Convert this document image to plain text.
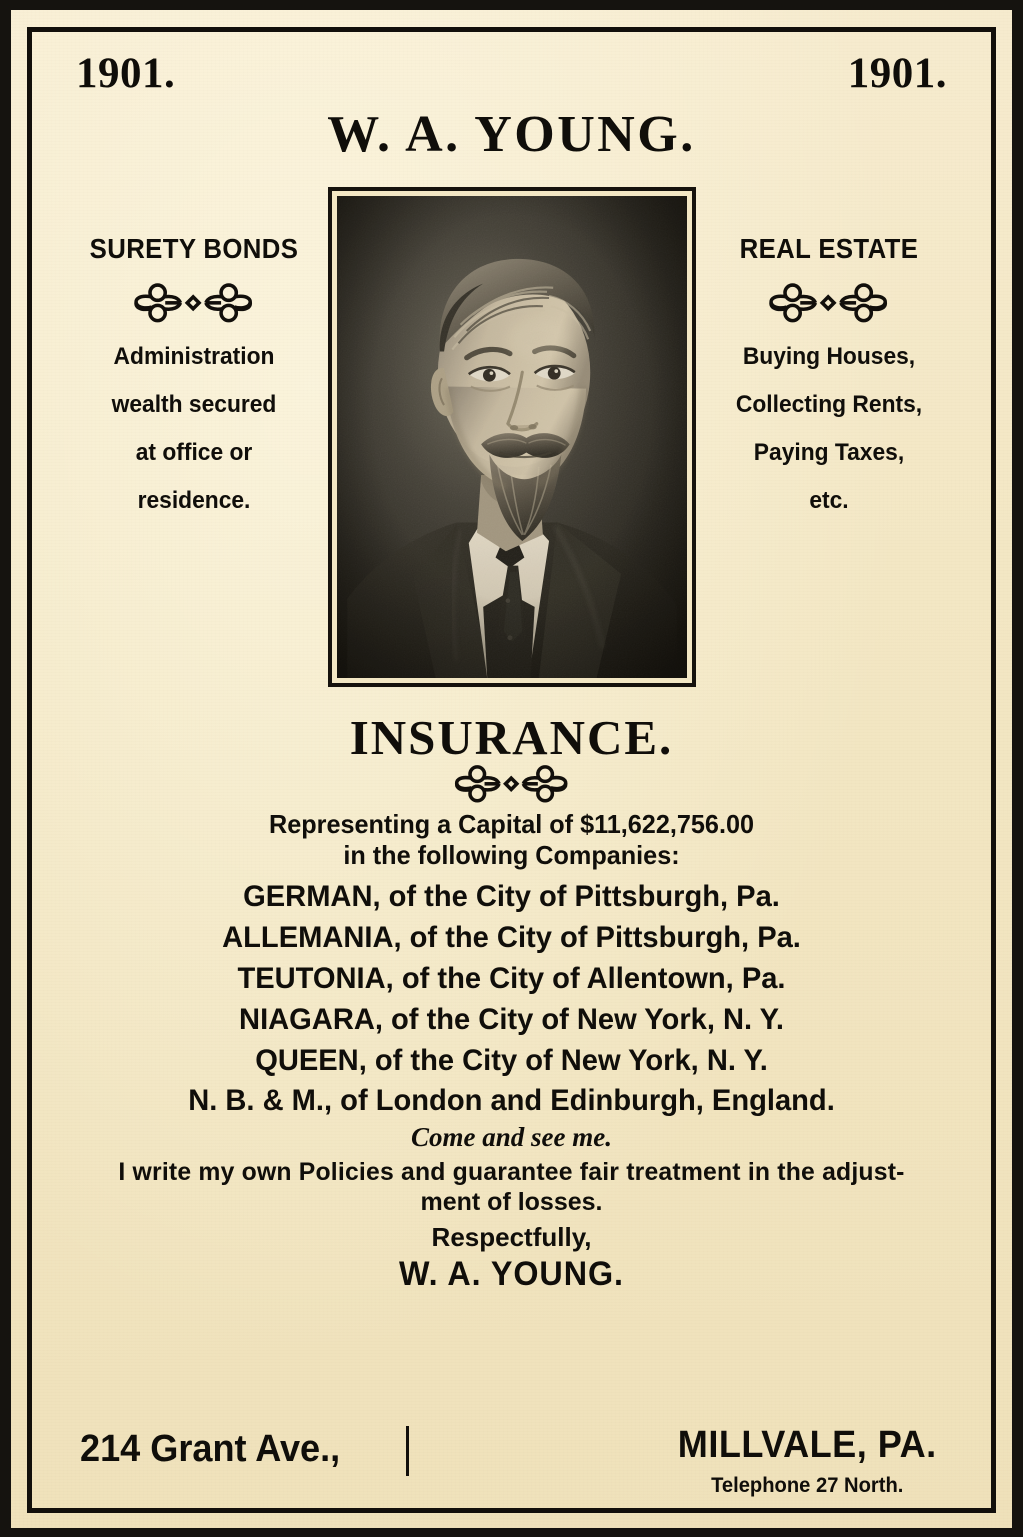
1901.	1901.
W. A. YOUNG.
SURETY BONDS
Administration
wealth secured
at office or
residence.
REAL ESTATE
Buying Houses,
Collecting Rents,
Paying Taxes,
etc.
INSURANCE.
Representing a Capital of $11,622,756.00
in the following Companies:
GERMAN, of the City of Pittsburgh, Pa.
ALLEMANIA, of the City of Pittsburgh, Pa.
TEUTONIA, of the City of Allentown, Pa.
NIAGARA, of the City of New York, N. Y.
QUEEN, of the City of New York, N. Y.
N. B. & M., of London and Edinburgh, England.
Come and see me.
I write my own Policies and guarantee fair treatment in the adjust-
ment of losses.
Respectfully,
W. A. YOUNG.
214 Grant Ave.,	MILLVALE, PA.
Telephone 27 North.
